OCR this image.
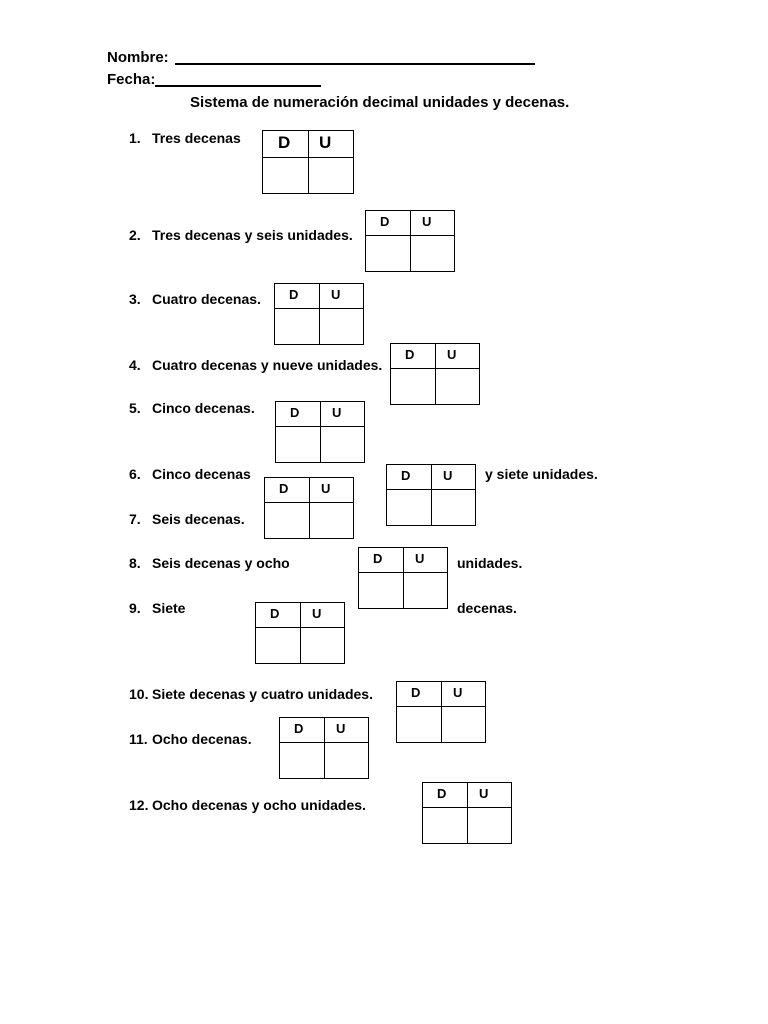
Nombre:
Fecha:
Sistema de numeración decimal unidades y decenas.
1. Tres decenas D U
2. Tres decenas y seis unidades.
D	U
3. Cuatro decenas. D	U
4. Cuatro decenas y nueve unidades.
D	U
5. Cinco decenas.	D	U
6. Cinco decenas	D	U y siete unidades.
7. Seis decenas.
D	U
8. Seis decenas y ocho	D	U unidades.
9. Siete	D	U	decenas.
10. Siete decenas y cuatro unidades.	D	U
11. Ocho decenas.
D	U
12. Ocho decenas y ocho unidades.
D	U
